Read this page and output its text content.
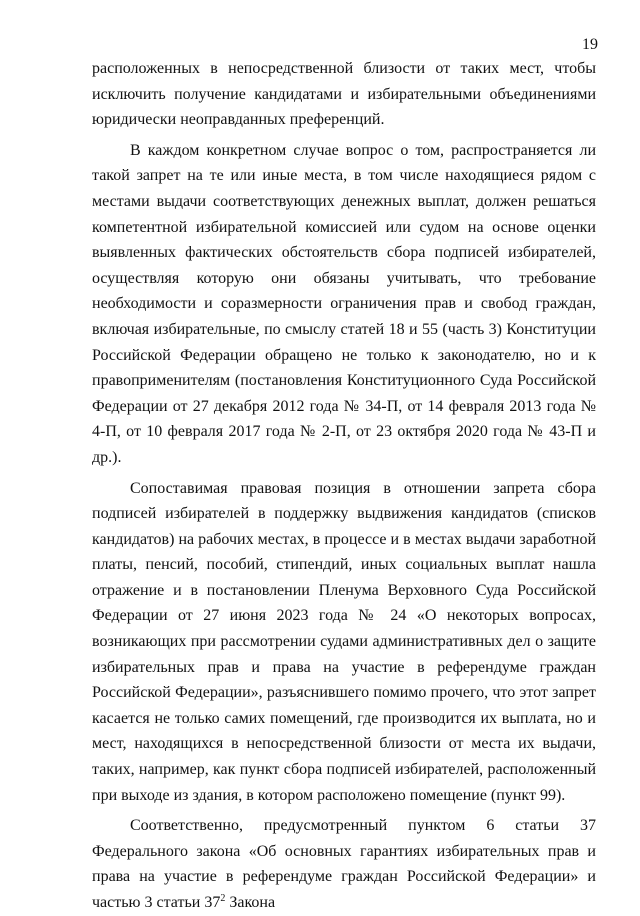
19

расположенных в непосредственной близости от таких мест, чтобы исключить получение кандидатами и избирательными объединениями юридически неоправданных преференций.

В каждом конкретном случае вопрос о том, распространяется ли такой запрет на те или иные места, в том числе находящиеся рядом с местами выдачи соответствующих денежных выплат, должен решаться компетентной избирательной комиссией или судом на основе оценки выявленных фактических обстоятельств сбора подписей избирателей, осуществляя которую они обязаны учитывать, что требование необходимости и соразмерности ограничения прав и свобод граждан, включая избирательные, по смыслу статей 18 и 55 (часть 3) Конституции Российской Федерации обращено не только к законодателю, но и к правоприменителям (постановления Конституционного Суда Российской Федерации от 27 декабря 2012 года № 34-П, от 14 февраля 2013 года № 4-П, от 10 февраля 2017 года № 2-П, от 23 октября 2020 года № 43-П и др.).

Сопоставимая правовая позиция в отношении запрета сбора подписей избирателей в поддержку выдвижения кандидатов (списков кандидатов) на рабочих местах, в процессе и в местах выдачи заработной платы, пенсий, пособий, стипендий, иных социальных выплат нашла отражение и в постановлении Пленума Верховного Суда Российской Федерации от 27 июня 2023 года № 24 «О некоторых вопросах, возникающих при рассмотрении судами административных дел о защите избирательных прав и права на участие в референдуме граждан Российской Федерации», разъяснившего помимо прочего, что этот запрет касается не только самих помещений, где производится их выплата, но и мест, находящихся в непосредственной близости от места их выдачи, таких, например, как пункт сбора подписей избирателей, расположенный при выходе из здания, в котором расположено помещение (пункт 99).

Соответственно, предусмотренный пунктом 6 статьи 37 Федерального закона «Об основных гарантиях избирательных прав и права на участие в референдуме граждан Российской Федерации» и частью 3 статьи $37^2$ Закона
